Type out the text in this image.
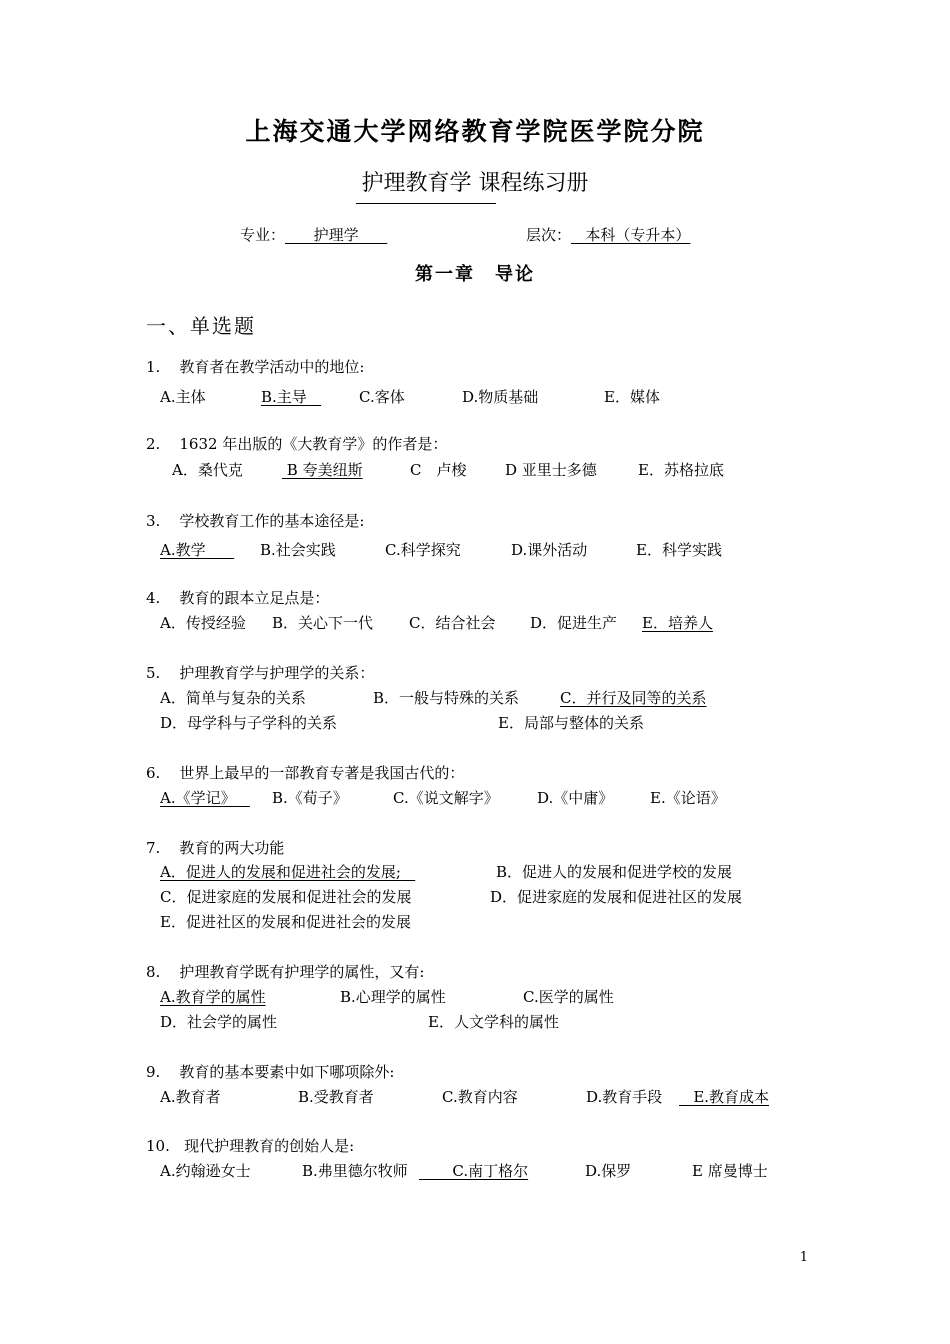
上海交通大学网络教育学院医学院分院
护理教育学 课程练习册
专业： 护理学	层次： 本科（专升本）
第一章　导论
一、单选题
1. 教育者在教学活动中的地位:
A.主体	B.主导	C.客体	D.物质基础	E．媒体
2. 1632 年出版的《大教育学》的作者是：
A．桑代克	B 夸美纽斯	C　卢梭	D 亚里士多德	E．苏格拉底
3. 学校教育工作的基本途径是:
A.教学	B.社会实践	C.科学探究	D.课外活动	E．科学实践
4. 教育的跟本立足点是：
A．传授经验 B．关心下一代 C．结合社会 D．促进生产 E．培养人
5. 护理教育学与护理学的关系：
A．简单与复杂的关系	B．一般与特殊的关系	C．并行及同等的关系
D．母学科与子学科的关系	E．局部与整体的关系
6. 世界上最早的一部教育专著是我国古代的：
A.《学记》	B.《荀子》	C.《说文解字》	D.《中庸》 E.《论语》
7. 教育的两大功能
A．促进人的发展和促进社会的发展;	B．促进人的发展和促进学校的发展
C．促进家庭的发展和促进社会的发展	D．促进家庭的发展和促进社区的发展
E．促进社区的发展和促进社会的发展
8. 护理教育学既有护理学的属性，又有:
A.教育学的属性	B.心理学的属性	C.医学的属性
D．社会学的属性	E．人文学科的属性
9. 教育的基本要素中如下哪项除外:
A.教育者	B.受教育者	C.教育内容	D.教育手段	E.教育成本
10. 现代护理教育的创始人是:
A.约翰逊女士	B.弗里德尔牧师	C.南丁格尔	D.保罗	E 席曼博士
1
